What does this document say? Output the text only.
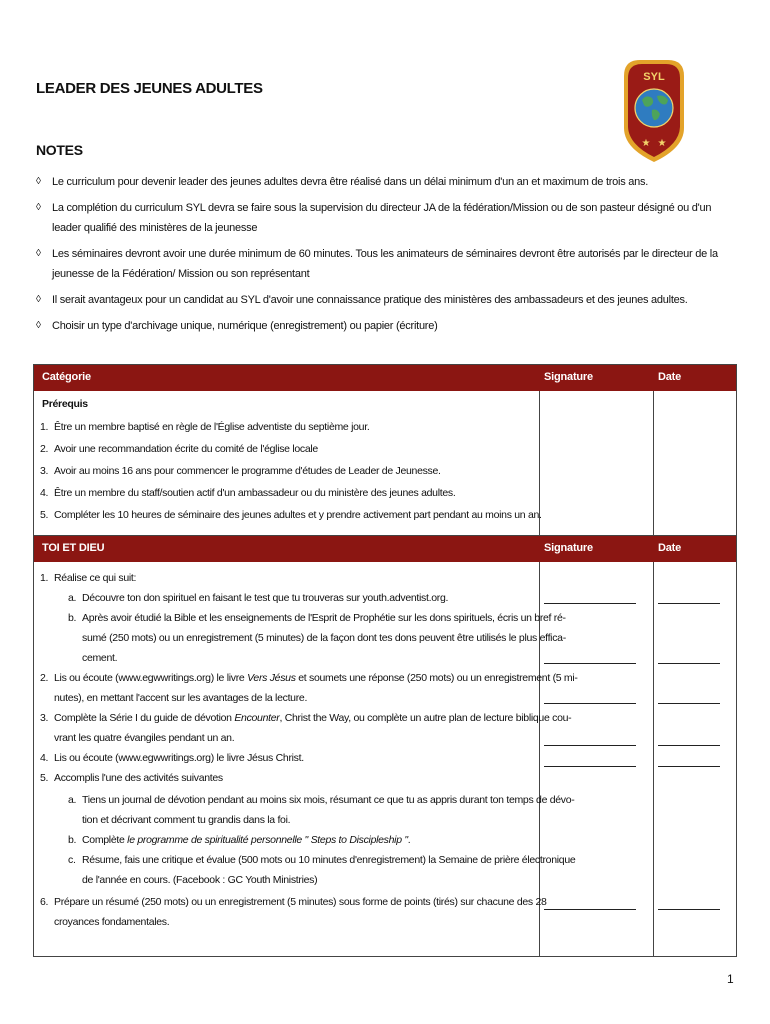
LEADER DES JEUNES ADULTES
SYL
★ ★
NOTES
◊ Le curriculum pour devenir leader des jeunes adultes devra être réalisé dans un délai minimum d'un an et maximum de trois ans.
◊ La complétion du curriculum SYL devra se faire sous la supervision du directeur JA de la fédération/Mission ou de son pasteur désigné ou d'un leader qualifié des ministères de la jeunesse
◊ Les séminaires devront avoir une durée minimum de 60 minutes. Tous les animateurs de séminaires devront être autorisés par le directeur de la jeunesse de la Fédération/ Mission ou son représentant
◊ Il serait avantageux pour un candidat au SYL d'avoir une connaissance pratique des ministères des ambassadeurs et des jeunes adultes.
◊ Choisir un type d'archivage unique, numérique (enregistrement) ou papier (écriture)
Catégorie	Signature	Date
Prérequis
1. Être un membre baptisé en règle de l'Église adventiste du septième jour.
2. Avoir une recommandation écrite du comité de l'église locale
3. Avoir au moins 16 ans pour commencer le programme d'études de Leader de Jeunesse.
4. Être un membre du staff/soutien actif d'un ambassadeur ou du ministère des jeunes adultes.
5. Compléter les 10 heures de séminaire des jeunes adultes et y prendre activement part pendant au moins un an.
TOI ET DIEU	Signature	Date
1. Réalise ce qui suit:
a. Découvre ton don spirituel en faisant le test que tu trouveras sur youth.adventist.org.
b. Après avoir étudié la Bible et les enseignements de l'Esprit de Prophétie sur les dons spirituels, écris un bref ré-
sumé (250 mots) ou un enregistrement (5 minutes) de la façon dont tes dons peuvent être utilisés le plus effica-
cement.
2. Lis ou écoute (www.egwwritings.org) le livre Vers Jésus et soumets une réponse (250 mots) ou un enregistrement (5 mi-
nutes), en mettant l'accent sur les avantages de la lecture.
3. Complète la Série I du guide de dévotion Encounter, Christ the Way, ou complète un autre plan de lecture biblique cou-
vrant les quatre évangiles pendant un an.
4. Lis ou écoute (www.egwwritings.org) le livre Jésus Christ.
5. Accomplis l'une des activités suivantes
a. Tiens un journal de dévotion pendant au moins six mois, résumant ce que tu as appris durant ton temps de dévo-
tion et décrivant comment tu grandis dans la foi.
b. Complète le programme de spiritualité personnelle " Steps to Discipleship ".
c. Résume, fais une critique et évalue (500 mots ou 10 minutes d'enregistrement) la Semaine de prière électronique
de l'année en cours. (Facebook : GC Youth Ministries)
6. Prépare un résumé (250 mots) ou un enregistrement (5 minutes) sous forme de points (tirés) sur chacune des 28
croyances fondamentales.
1
